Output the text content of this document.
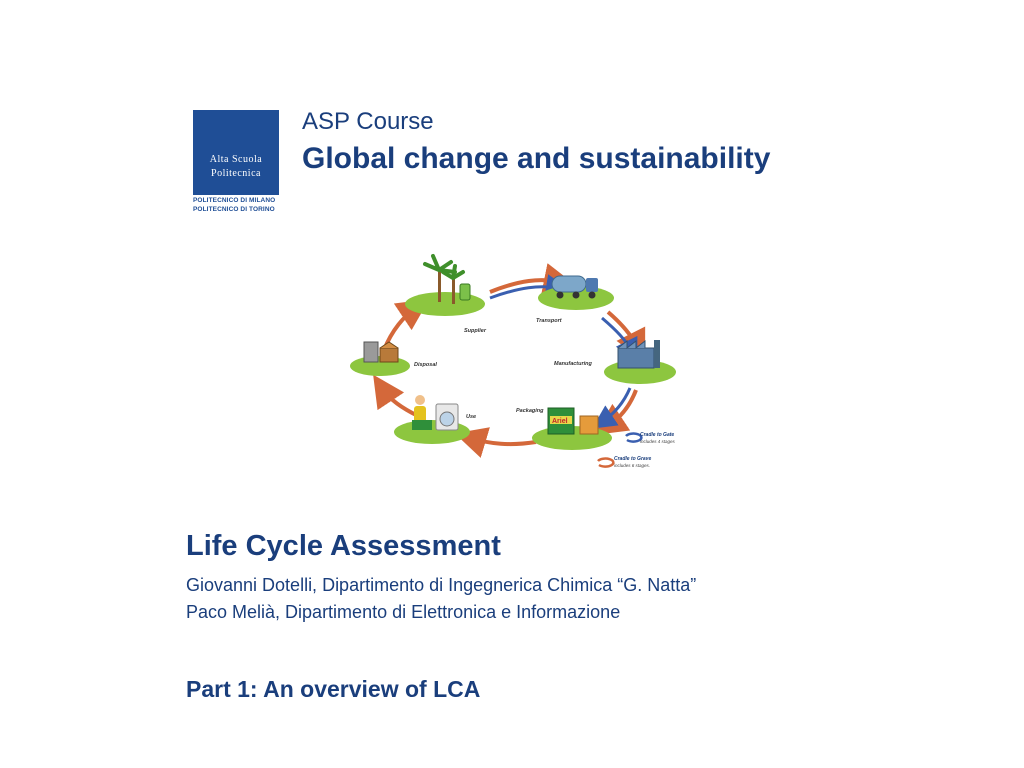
Alta Scuola
Politecnica
POLITECNICO DI MILANO
POLITECNICO DI TORINO
ASP Course
Global change and sustainability
Supplier
Transport
Manufacturing
Ariel
Packaging
Use
Disposal
Cradle to Gate
includes 4 stages
Cradle to Grave
includes 6 stages.
Life Cycle Assessment
Giovanni Dotelli, Dipartimento di Ingegnerica Chimica “G. Natta”
Paco Melià, Dipartimento di Elettronica e Informazione
Part 1: An overview of LCA
